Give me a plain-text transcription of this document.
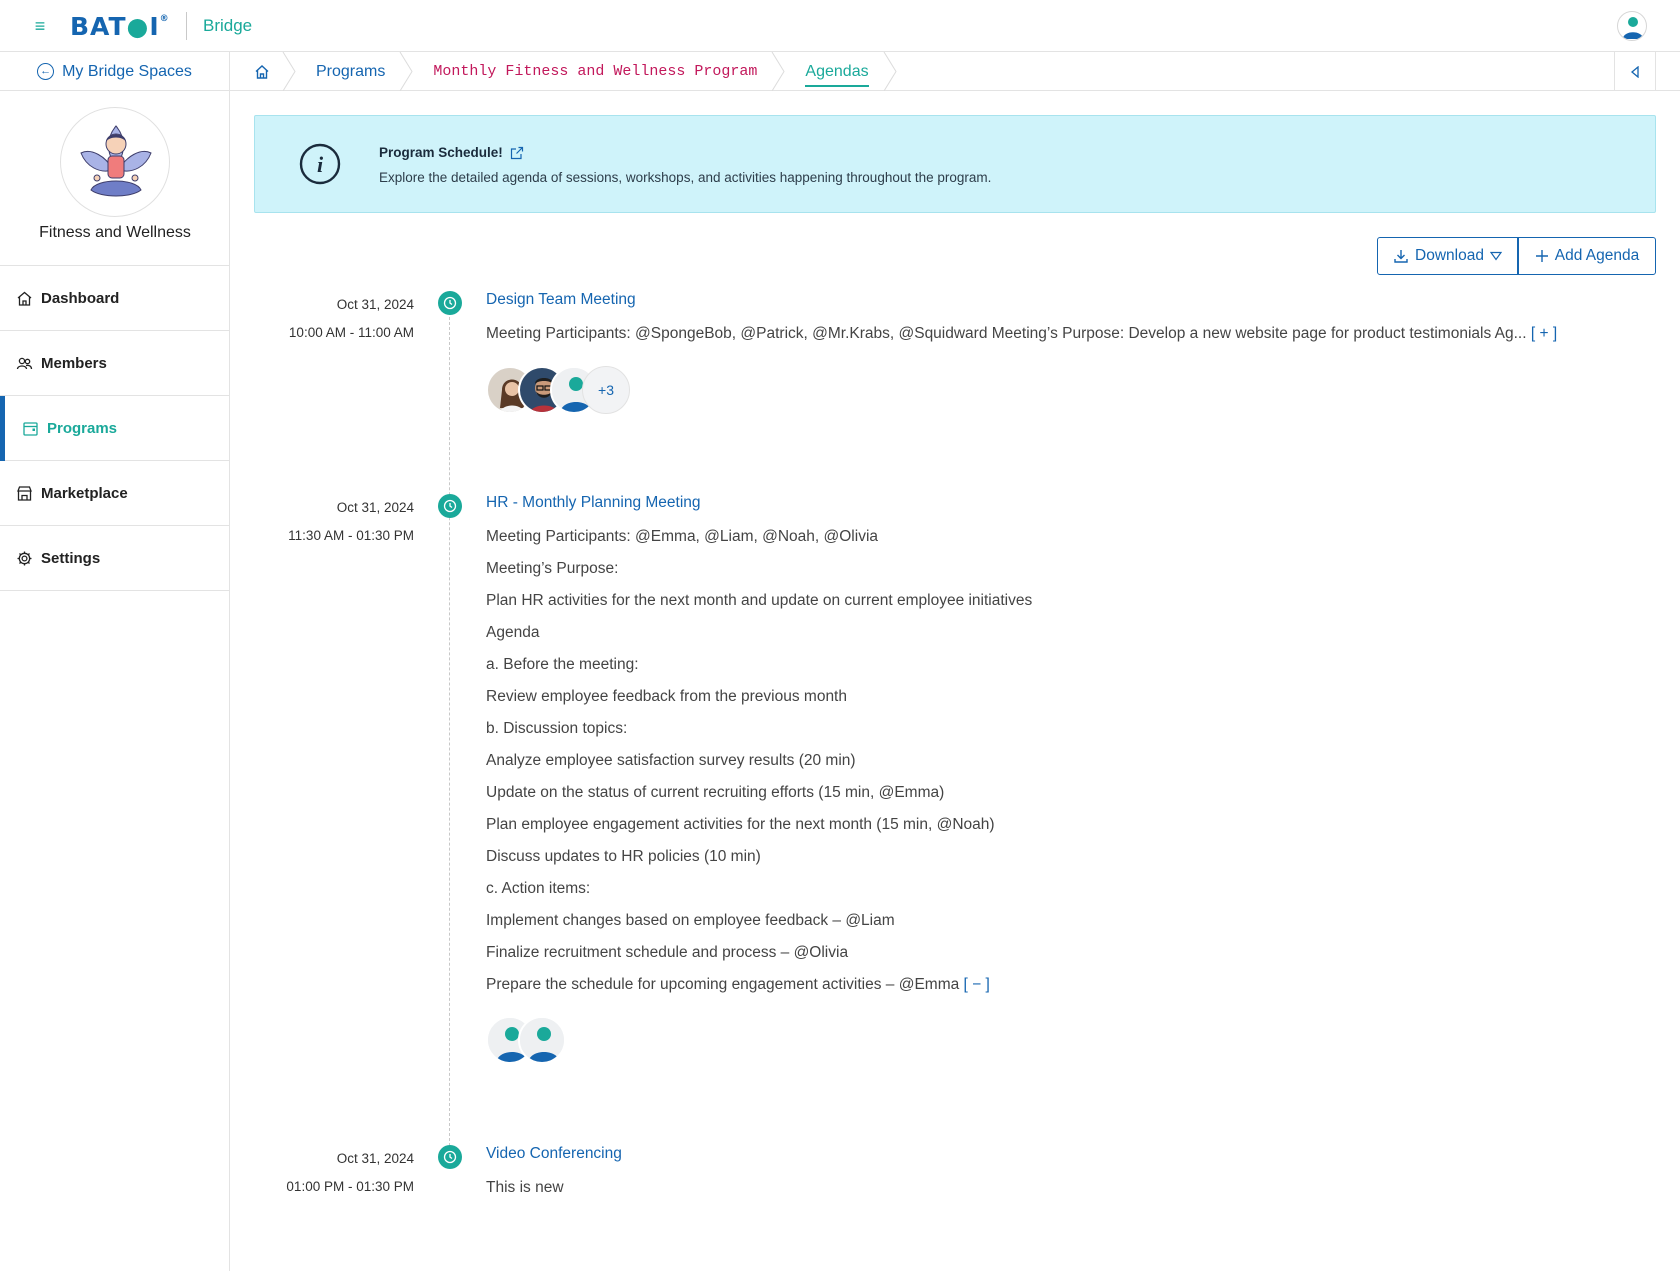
≡ BAT●I® Bridge
← My Bridge Spaces	Programs	Monthly Fitness and Wellness Program	Agendas
Fitness and Wellness
Dashboard
Members
Programs
Marketplace
Settings
i	Program Schedule!
Explore the detailed agenda of sessions, workshops, and activities happening throughout the program.
Download	Add Agenda
Oct 31, 2024
10:00 AM - 11:00 AM
Design Team Meeting
Meeting Participants: @SpongeBob, @Patrick, @Mr.Krabs, @Squidward Meeting’s Purpose: Develop a new website page for product testimonials Ag... [ + ]
+3
Oct 31, 2024
11:30 AM - 01:30 PM
HR - Monthly Planning Meeting
Meeting Participants: @Emma, @Liam, @Noah, @Olivia
Meeting’s Purpose:
Plan HR activities for the next month and update on current employee initiatives
Agenda
a. Before the meeting:
Review employee feedback from the previous month
b. Discussion topics:
Analyze employee satisfaction survey results (20 min)
Update on the status of current recruiting efforts (15 min, @Emma)
Plan employee engagement activities for the next month (15 min, @Noah)
Discuss updates to HR policies (10 min)
c. Action items:
Implement changes based on employee feedback – @Liam
Finalize recruitment schedule and process – @Olivia
Prepare the schedule for upcoming engagement activities – @Emma [ − ]
Oct 31, 2024
01:00 PM - 01:30 PM
Video Conferencing
This is new
